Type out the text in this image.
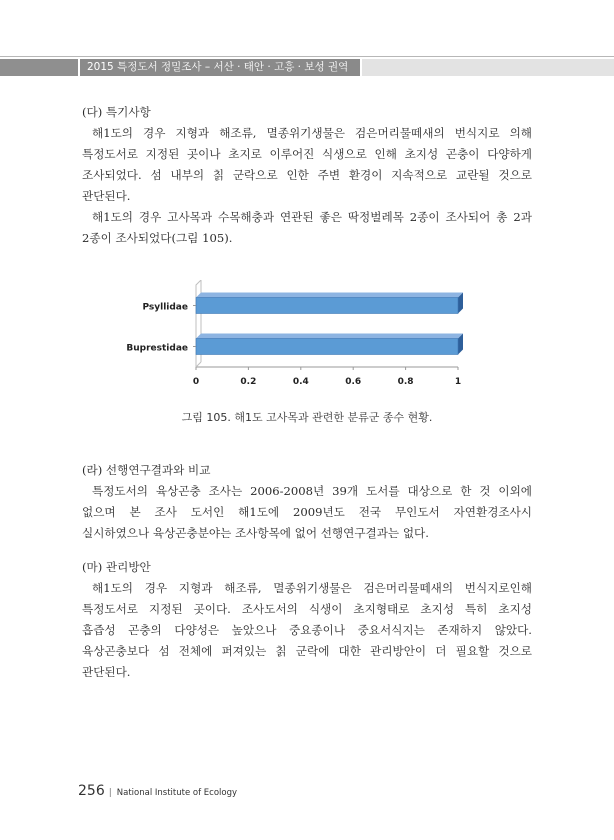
2015 특정도서 정밀조사 – 서산 · 태안 · 고흥 · 보성 권역

(다) 특기사항

해1도의 경우 지형과 해조류, 멸종위기생물은 검은머리물떼새의 번식지로 의해

특정도서로 지정된 곳이나 초지로 이루어진 식생으로 인해 초지성 곤충이 다양하게

조사되었다. 섬 내부의 칡 군락으로 인한 주변 환경이 지속적으로 교란될 것으로

관단된다.

해1도의 경우 고사목과 수목해충과 연관된 좋은 딱정벌레목 2종이 조사되어 총 2과

2종이 조사되었다(그림 105).

Psyllidae
Buprestidae
0	0.2	0.4	0.6	0.8	1
그림 105. 해1도 고사목과 관련한 분류군 종수 현황.

(라) 선행연구결과와 비교

특정도서의 육상곤충 조사는 2006-2008년 39개 도서를 대상으로 한 것 이외에

없으며 본 조사 도서인 해1도에 2009년도 전국 무인도서 자연환경조사시

실시하였으나 육상곤충분야는 조사항목에 없어 선행연구결과는 없다.

(마) 관리방안

해1도의 경우 지형과 해조류, 멸종위기생물은 검은머리물떼새의 번식지로인해

특정도서로 지정된 곳이다. 조사도서의 식생이 초지형태로 초지성 특히 초지성

흡즙성 곤충의 다양성은 높았으나 중요종이나 중요서식지는 존재하지 않았다.

육상곤충보다 섬 전체에 퍼져있는 칡 군락에 대한 관리방안이 더 필요할 것으로

관단된다.

256 | National Institute of Ecology
